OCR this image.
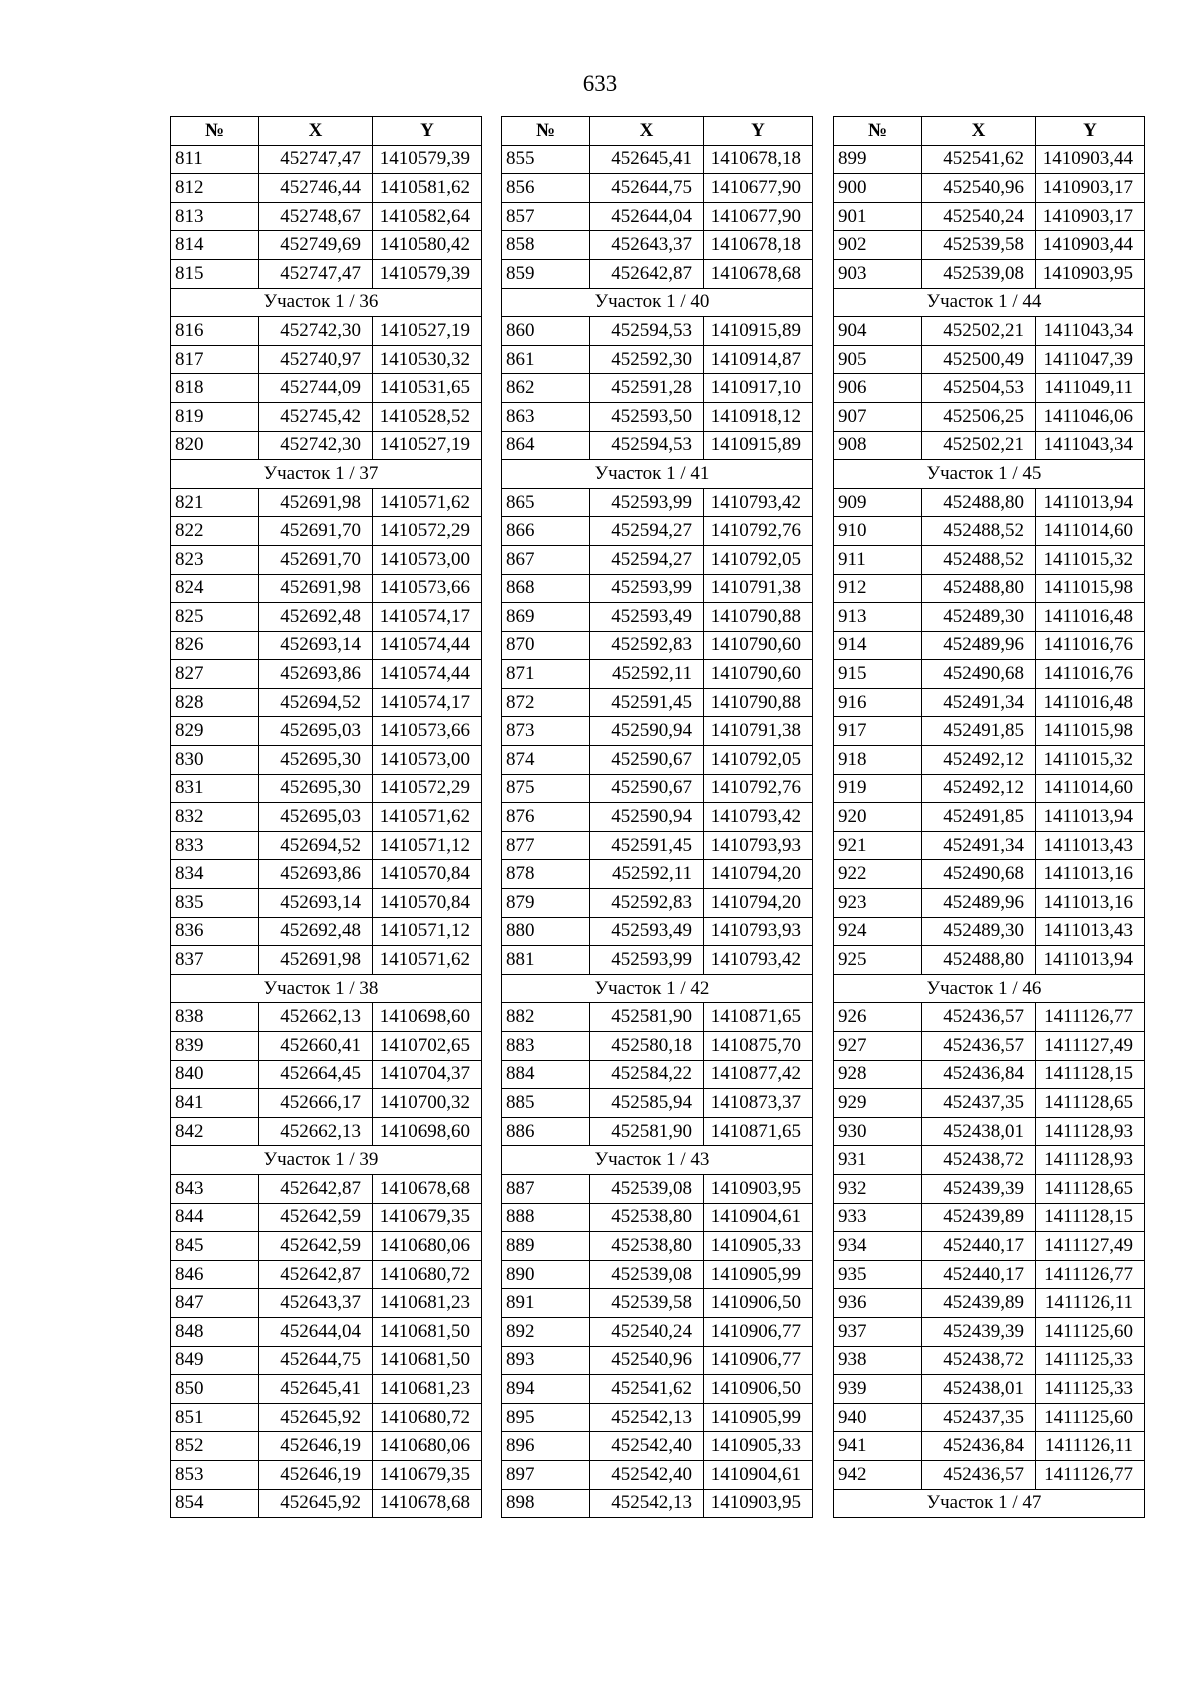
633
№	X	Y
811	452747,47	1410579,39
812	452746,44	1410581,62
813	452748,67	1410582,64
814	452749,69	1410580,42
815	452747,47	1410579,39
Участок 1 / 36		
816	452742,30	1410527,19
817	452740,97	1410530,32
818	452744,09	1410531,65
819	452745,42	1410528,52
820	452742,30	1410527,19
Участок 1 / 37		
821	452691,98	1410571,62
822	452691,70	1410572,29
823	452691,70	1410573,00
824	452691,98	1410573,66
825	452692,48	1410574,17
826	452693,14	1410574,44
827	452693,86	1410574,44
828	452694,52	1410574,17
829	452695,03	1410573,66
830	452695,30	1410573,00
831	452695,30	1410572,29
832	452695,03	1410571,62
833	452694,52	1410571,12
834	452693,86	1410570,84
835	452693,14	1410570,84
836	452692,48	1410571,12
837	452691,98	1410571,62
Участок 1 / 38		
838	452662,13	1410698,60
839	452660,41	1410702,65
840	452664,45	1410704,37
841	452666,17	1410700,32
842	452662,13	1410698,60
Участок 1 / 39		
843	452642,87	1410678,68
844	452642,59	1410679,35
845	452642,59	1410680,06
846	452642,87	1410680,72
847	452643,37	1410681,23
848	452644,04	1410681,50
849	452644,75	1410681,50
850	452645,41	1410681,23
851	452645,92	1410680,72
852	452646,19	1410680,06
853	452646,19	1410679,35
854	452645,92	1410678,68
№	X	Y
855	452645,41	1410678,18
856	452644,75	1410677,90
857	452644,04	1410677,90
858	452643,37	1410678,18
859	452642,87	1410678,68
Участок 1 / 40		
860	452594,53	1410915,89
861	452592,30	1410914,87
862	452591,28	1410917,10
863	452593,50	1410918,12
864	452594,53	1410915,89
Участок 1 / 41		
865	452593,99	1410793,42
866	452594,27	1410792,76
867	452594,27	1410792,05
868	452593,99	1410791,38
869	452593,49	1410790,88
870	452592,83	1410790,60
871	452592,11	1410790,60
872	452591,45	1410790,88
873	452590,94	1410791,38
874	452590,67	1410792,05
875	452590,67	1410792,76
876	452590,94	1410793,42
877	452591,45	1410793,93
878	452592,11	1410794,20
879	452592,83	1410794,20
880	452593,49	1410793,93
881	452593,99	1410793,42
Участок 1 / 42		
882	452581,90	1410871,65
883	452580,18	1410875,70
884	452584,22	1410877,42
885	452585,94	1410873,37
886	452581,90	1410871,65
Участок 1 / 43		
887	452539,08	1410903,95
888	452538,80	1410904,61
889	452538,80	1410905,33
890	452539,08	1410905,99
891	452539,58	1410906,50
892	452540,24	1410906,77
893	452540,96	1410906,77
894	452541,62	1410906,50
895	452542,13	1410905,99
896	452542,40	1410905,33
897	452542,40	1410904,61
898	452542,13	1410903,95
№	X	Y
899	452541,62	1410903,44
900	452540,96	1410903,17
901	452540,24	1410903,17
902	452539,58	1410903,44
903	452539,08	1410903,95
Участок 1 / 44		
904	452502,21	1411043,34
905	452500,49	1411047,39
906	452504,53	1411049,11
907	452506,25	1411046,06
908	452502,21	1411043,34
Участок 1 / 45		
909	452488,80	1411013,94
910	452488,52	1411014,60
911	452488,52	1411015,32
912	452488,80	1411015,98
913	452489,30	1411016,48
914	452489,96	1411016,76
915	452490,68	1411016,76
916	452491,34	1411016,48
917	452491,85	1411015,98
918	452492,12	1411015,32
919	452492,12	1411014,60
920	452491,85	1411013,94
921	452491,34	1411013,43
922	452490,68	1411013,16
923	452489,96	1411013,16
924	452489,30	1411013,43
925	452488,80	1411013,94
Участок 1 / 46		
926	452436,57	1411126,77
927	452436,57	1411127,49
928	452436,84	1411128,15
929	452437,35	1411128,65
930	452438,01	1411128,93
931	452438,72	1411128,93
932	452439,39	1411128,65
933	452439,89	1411128,15
934	452440,17	1411127,49
935	452440,17	1411126,77
936	452439,89	1411126,11
937	452439,39	1411125,60
938	452438,72	1411125,33
939	452438,01	1411125,33
940	452437,35	1411125,60
941	452436,84	1411126,11
942	452436,57	1411126,77
Участок 1 / 47		
